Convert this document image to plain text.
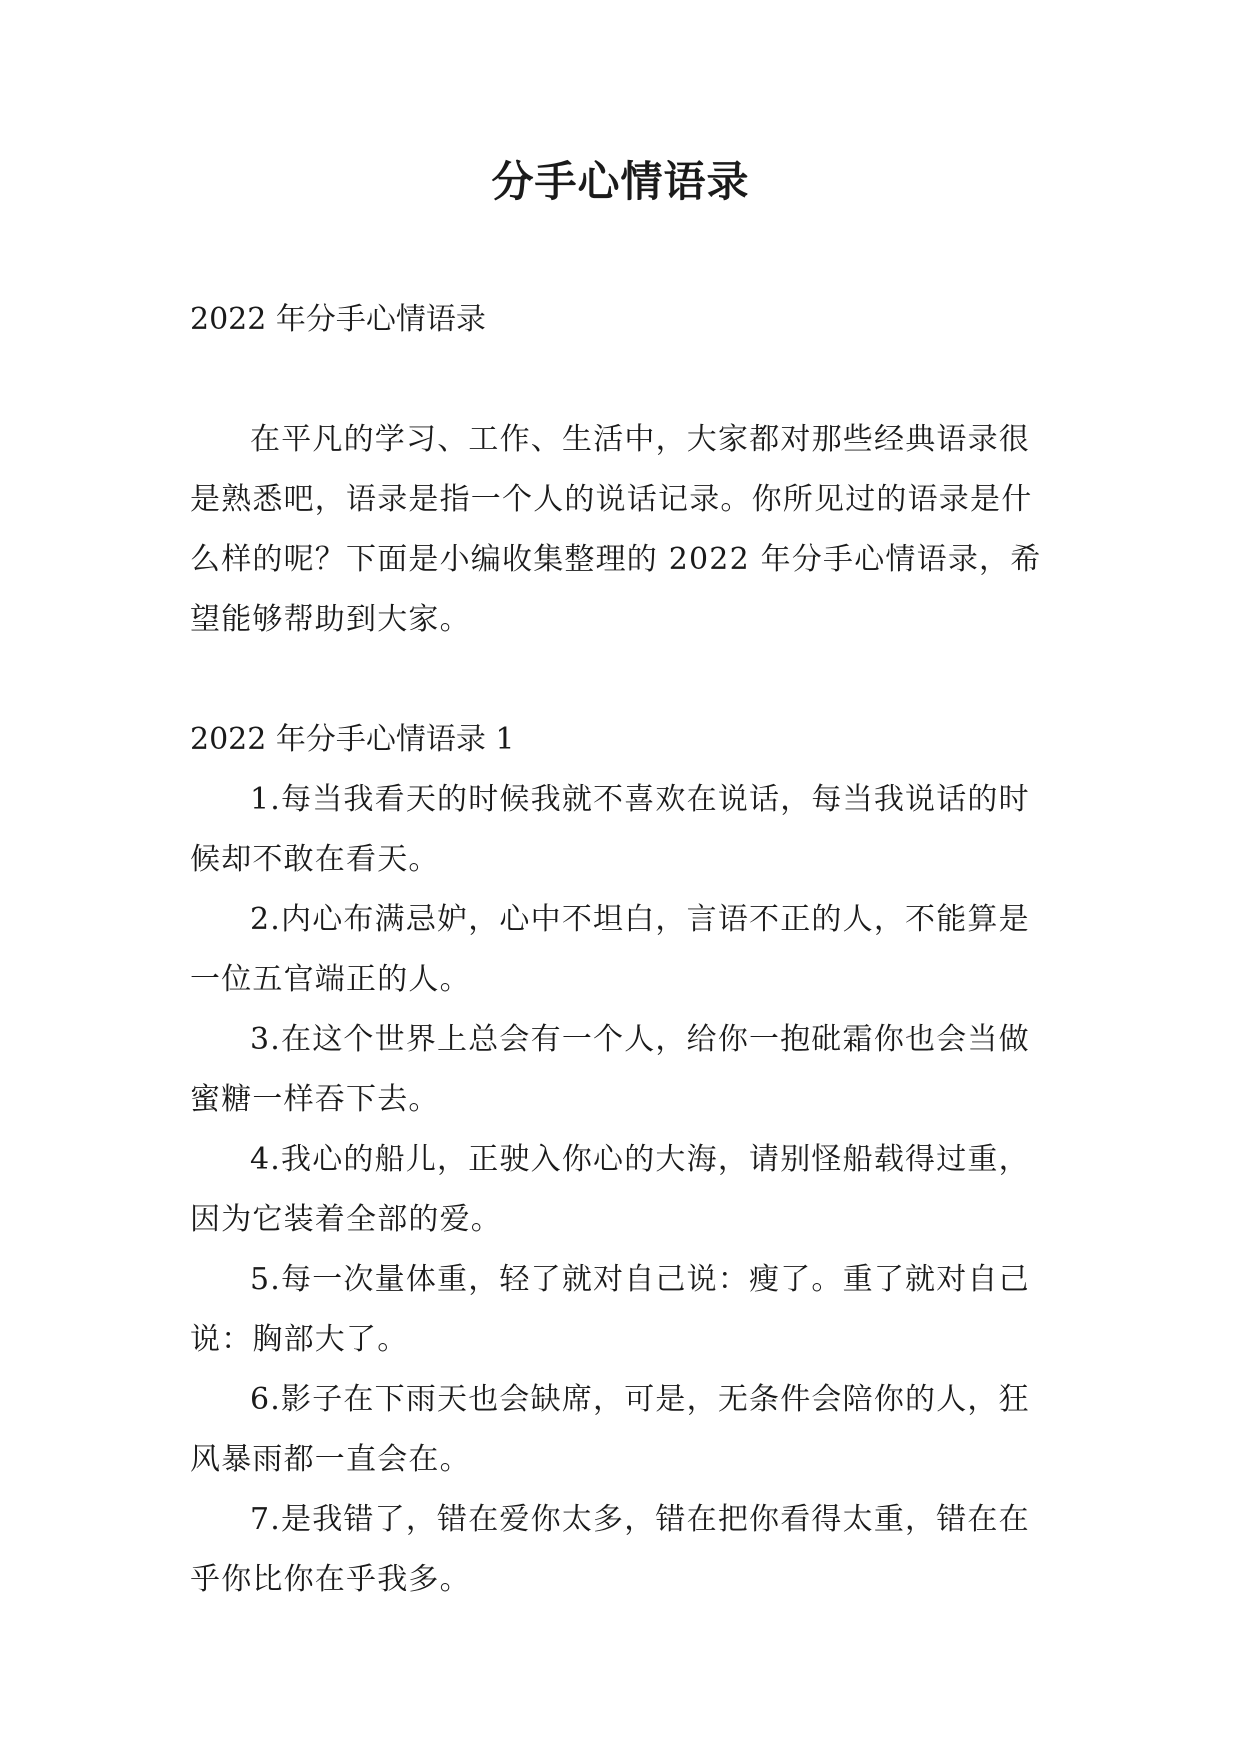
分手心情语录

2022 年分手心情语录

在平凡的学习、工作、生活中，大家都对那些经典语录很是熟悉吧，语录是指一个人的说话记录。你所见过的语录是什么样的呢？下面是小编收集整理的 2022 年分手心情语录，希望能够帮助到大家。

2022 年分手心情语录 1

1.每当我看天的时候我就不喜欢在说话，每当我说话的时候却不敢在看天。
2.内心布满忌妒，心中不坦白，言语不正的人，不能算是一位五官端正的人。
3.在这个世界上总会有一个人，给你一抱砒霜你也会当做蜜糖一样吞下去。
4.我心的船儿，正驶入你心的大海，请别怪船载得过重，因为它装着全部的爱。
5.每一次量体重，轻了就对自己说：瘦了。重了就对自己说：胸部大了。
6.影子在下雨天也会缺席，可是，无条件会陪你的人，狂风暴雨都一直会在。
7.是我错了，错在爱你太多，错在把你看得太重，错在在乎你比你在乎我多。
